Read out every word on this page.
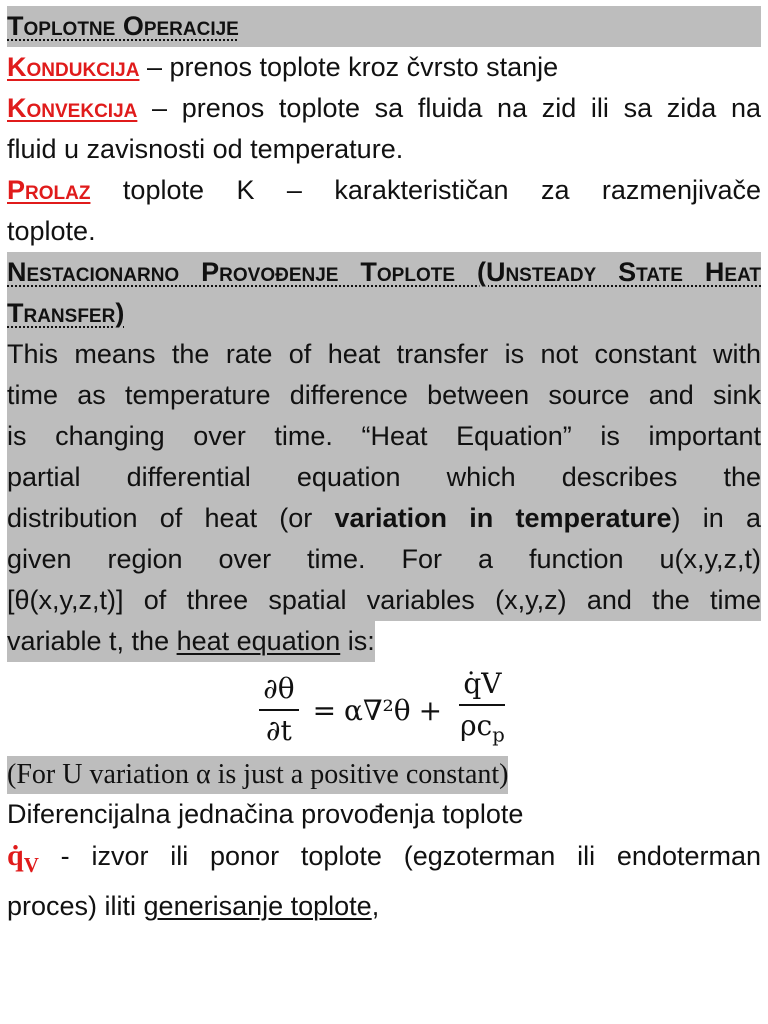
Toplotne Operacije
Kondukcija – prenos toplote kroz čvrsto stanje
Konvekcija – prenos toplote sa fluida na zid ili sa zida na
fluid u zavisnosti od temperature.
Prolaz toplote K – karakterističan za razmenjivače
toplote.
Nestacionarno Provođenje Toplote (Unsteady State Heat
Transfer)
This means the rate of heat transfer is not constant with
time as temperature difference between source and sink
is changing over time. “Heat Equation” is important
partial differential equation which describes the
distribution of heat (or variation in temperature) in a
given region over time. For a function u(x,y,z,t)
[θ(x,y,z,t)] of three spatial variables (x,y,z) and the time
variable t, the heat equation is:
$\frac{\partial\theta}{\partial t} = \alpha\nabla^2\theta + \frac{q̇V}{\rho c_p}$
(For U variation α is just a positive constant)
Diferencijalna jednačina provođenja toplote
$q̇_V$ - izvor ili ponor toplote (egzoterman ili endoterman
proces) iliti generisanje toplote,
